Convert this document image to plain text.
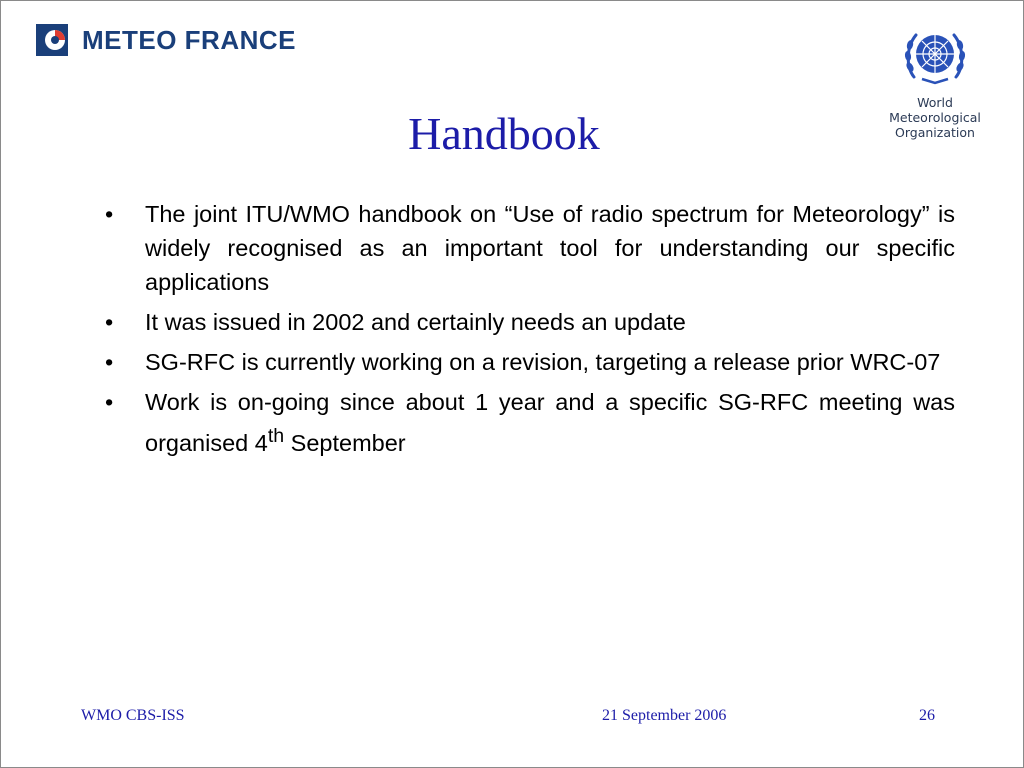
METEO FRANCE
World
Meteorological
Organization
Handbook
• The joint ITU/WMO handbook on “Use of radio spectrum for Meteorology” is widely recognised as an important tool for understanding our specific applications
• It was issued in 2002 and certainly needs an update
• SG-RFC is currently working on a revision, targeting a release prior WRC-07
• Work is on-going since about 1 year and a specific SG-RFC meeting was organised 4th September
WMO CBS-ISS	21 September 2006	26
